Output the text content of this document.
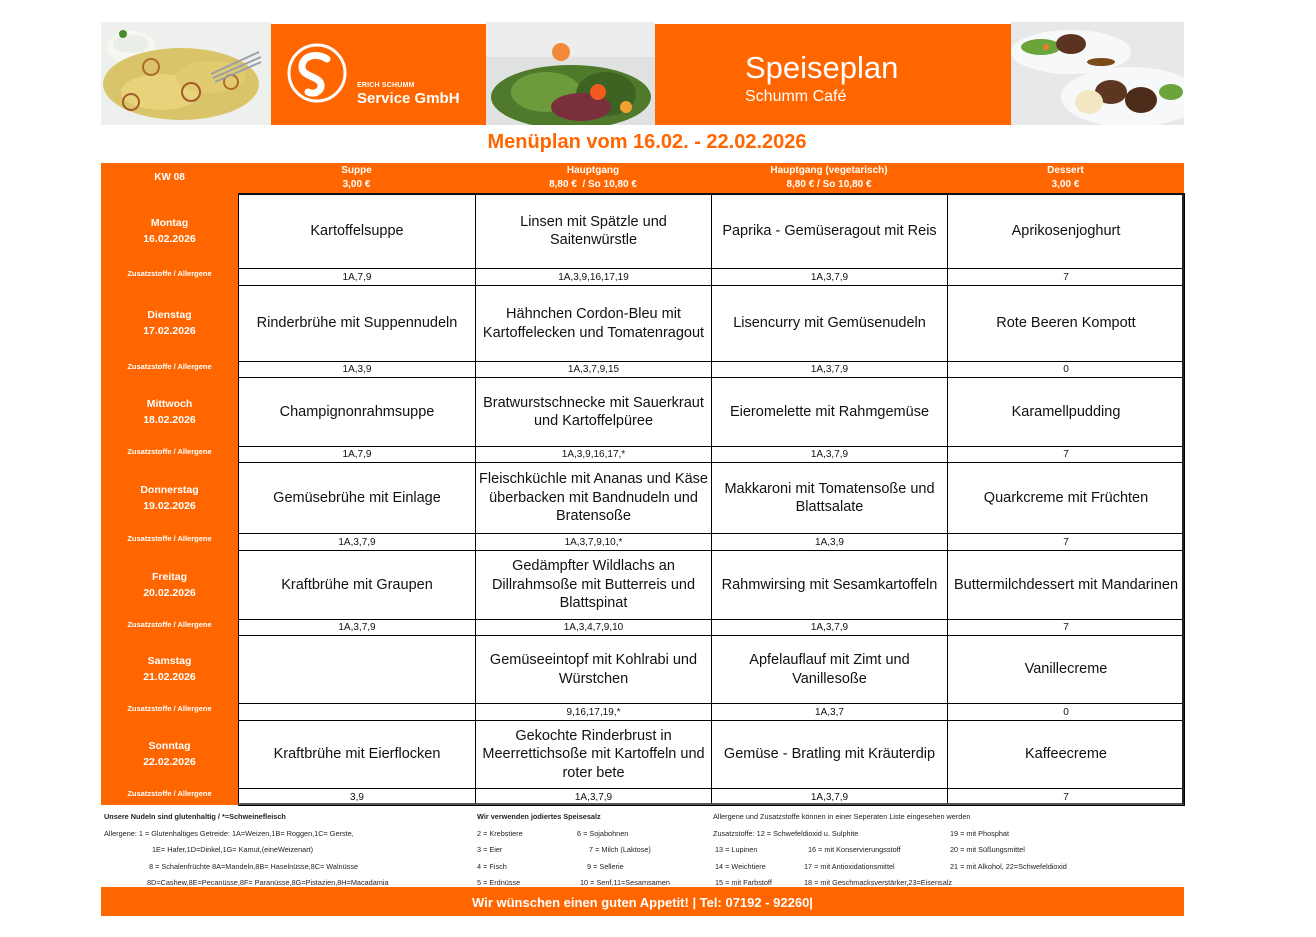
ERICH SCHUMM
Service GmbH
Speiseplan
Schumm Café
Menüplan vom 16.02. - 22.02.2026
KW 08
Suppe
3,00 €
Hauptgang
8,80 €  / So 10,80 €
Hauptgang (vegetarisch)
8,80 € / So 10,80 €
Dessert
3,00 €
Montag
16.02.2026
Zusatzstoffe / Allergene
Dienstag
17.02.2026
Zusatzstoffe / Allergene
Mittwoch
18.02.2026
Zusatzstoffe / Allergene
Donnerstag
19.02.2026
Zusatzstoffe / Allergene
Freitag
20.02.2026
Zusatzstoffe / Allergene
Samstag
21.02.2026
Zusatzstoffe / Allergene
Sonntag
22.02.2026
Zusatzstoffe / Allergene
Kartoffelsuppe
1A,7,9
Linsen mit Spätzle und Saitenwürstle
1A,3,9,16,17,19
Paprika - Gemüseragout mit Reis
1A,3,7,9
Aprikosenjoghurt
7
Rinderbrühe mit Suppennudeln
1A,3,9
Hähnchen Cordon-Bleu mit Kartoffelecken und Tomatenragout
1A,3,7,9,15
Lisencurry mit Gemüsenudeln
1A,3,7,9
Rote Beeren Kompott
0
Champignonrahmsuppe
1A,7,9
Bratwurstschnecke mit Sauerkraut und Kartoffelpüree
1A,3,9,16,17,*
Eieromelette mit Rahmgemüse
1A,3,7,9
Karamellpudding
7
Gemüsebrühe mit Einlage
1A,3,7,9
Fleischküchle mit Ananas und Käse überbacken mit Bandnudeln und Bratensoße
1A,3,7,9,10,*
Makkaroni mit Tomatensoße und Blattsalate
1A,3,9
Quarkcreme mit Früchten
7
Kraftbrühe mit Graupen
1A,3,7,9
Gedämpfter Wildlachs an Dillrahmsoße mit Butterreis und Blattspinat
1A,3,4,7,9,10
Rahmwirsing mit Sesamkartoffeln
1A,3,7,9
Buttermilchdessert mit Mandarinen
7
Gemüseeintopf mit Kohlrabi und Würstchen
9,16,17,19,*
Apfelauflauf mit Zimt und Vanillesoße
1A,3,7
Vanillecreme
0
Kraftbrühe mit Eierflocken
3,9
Gekochte Rinderbrust in Meerrettichsoße mit Kartoffeln und roter bete
1A,3,7,9
Gemüse - Bratling mit Kräuterdip
1A,3,7,9
Kaffeecreme
7
Unsere Nudeln sind glutenhaltig / *=Schweinefleisch
Allergene: 1 = Glutenhaltiges Getreide: 1A=Weizen,1B= Roggen,1C= Gerste,
1E= Hafer,1D=Dinkel,1G= Kamut,(eineWeizenart)
8 = Schalenfrüchte 8A=Mandeln,8B= Haselnüsse,8C= Walnüsse
8D=Cashew,8E=Pecanüsse,8F= Paranüsse,8G=Pistazien,8H=Macadamia
Wir verwenden jodiertes Speisesalz
2 = Krebstiere
3 = Eier
4 = Fisch
5 = Erdnüsse
6 = Sojabohnen
7 = Milch (Laktose)
9 = Sellerie
10 = Senf,11=Sesamsamen
Allergene und Zusatzstoffe können in einer Seperaten Liste eingesehen werden
Zusatzstoffe: 12 = Schwefeldioxid u. Sulphite
13 = Lupinen
14 = Weichtiere
15 = mit Farbstoff
16 = mit Konservierungsstoff
17 = mit Antioxidationsmittel
18 = mit Geschmacksverstärker,23=Eisensalz
19 = mit Phosphat
20 = mit Süßungsmittel
21 = mit Alkohol, 22=Schwefeldioxid
Wir wünschen einen guten Appetit! | Tel: 07192 - 92260|
